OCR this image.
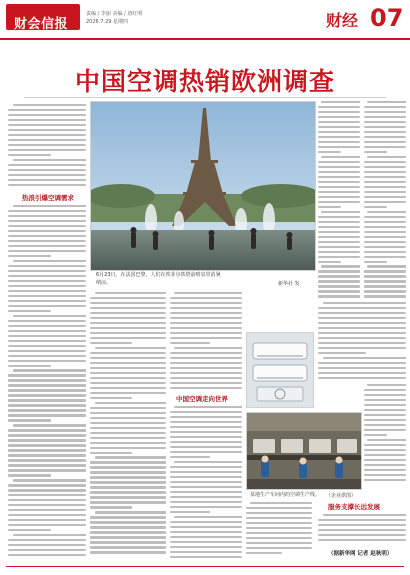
财会信报
责编 / 李丽 美编 / 唐红明
2026.7.29 星期四	财经 07
中国空调热销欧洲调查
热浪引爆空调需求
6月23日，在法国巴黎，人们在埃菲尔铁塔前喷泉里消暑
纳凉。	新华社 发
中国空调走向世界
某地生产车间内的空调生产线。 （企业供图）
服务支撑长远发展
（据新华网 记者 赵秋明）
